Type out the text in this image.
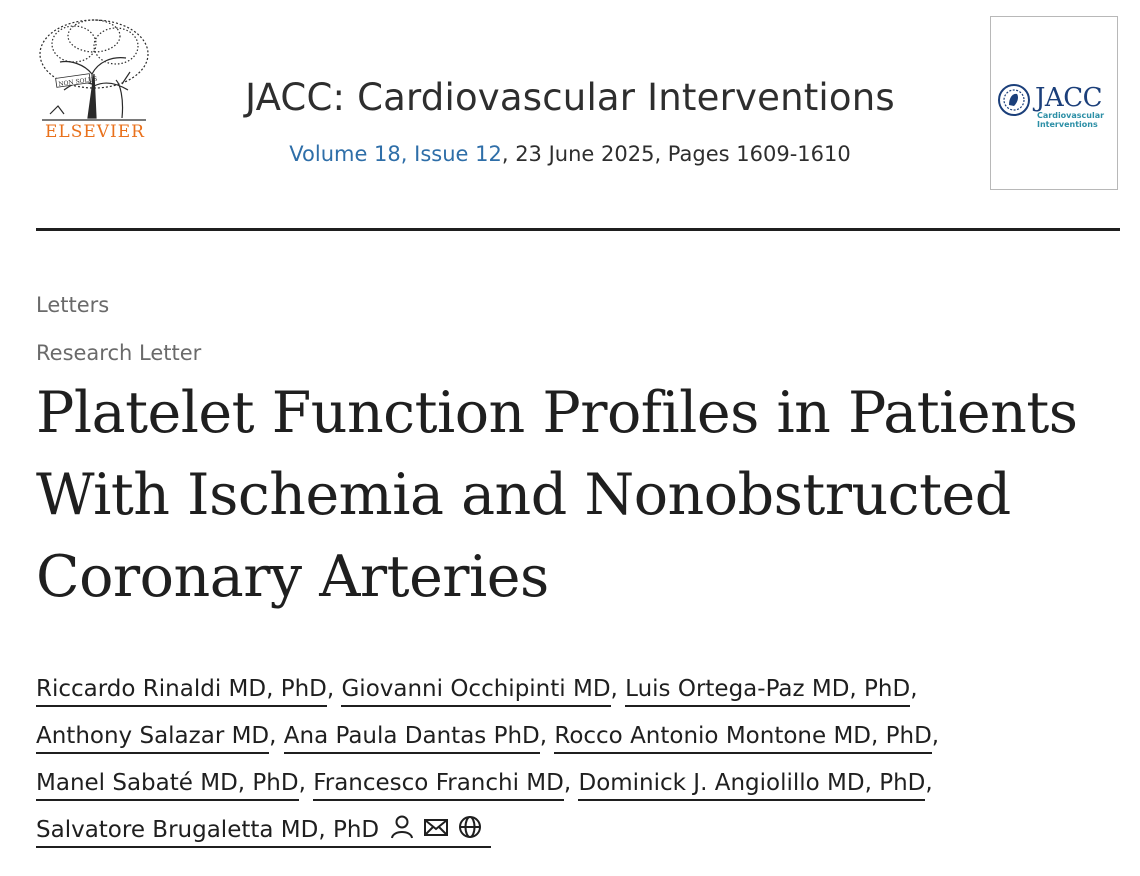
NON SOLUS
ELSEVIER
JACC: Cardiovascular Interventions
Volume 18, Issue 12, 23 June 2025, Pages 1609-1610
JACC
Cardiovascular
Interventions
Letters
Research Letter
Platelet Function Profiles in Patients With Ischemia and Nonobstructed Coronary Arteries
Riccardo Rinaldi MD, PhD, Giovanni Occhipinti MD, Luis Ortega-Paz MD, PhD,
Anthony Salazar MD, Ana Paula Dantas PhD, Rocco Antonio Montone MD, PhD,
Manel Sabaté MD, PhD, Francesco Franchi MD, Dominick J. Angiolillo MD, PhD,
Salvatore Brugaletta MD, PhD
